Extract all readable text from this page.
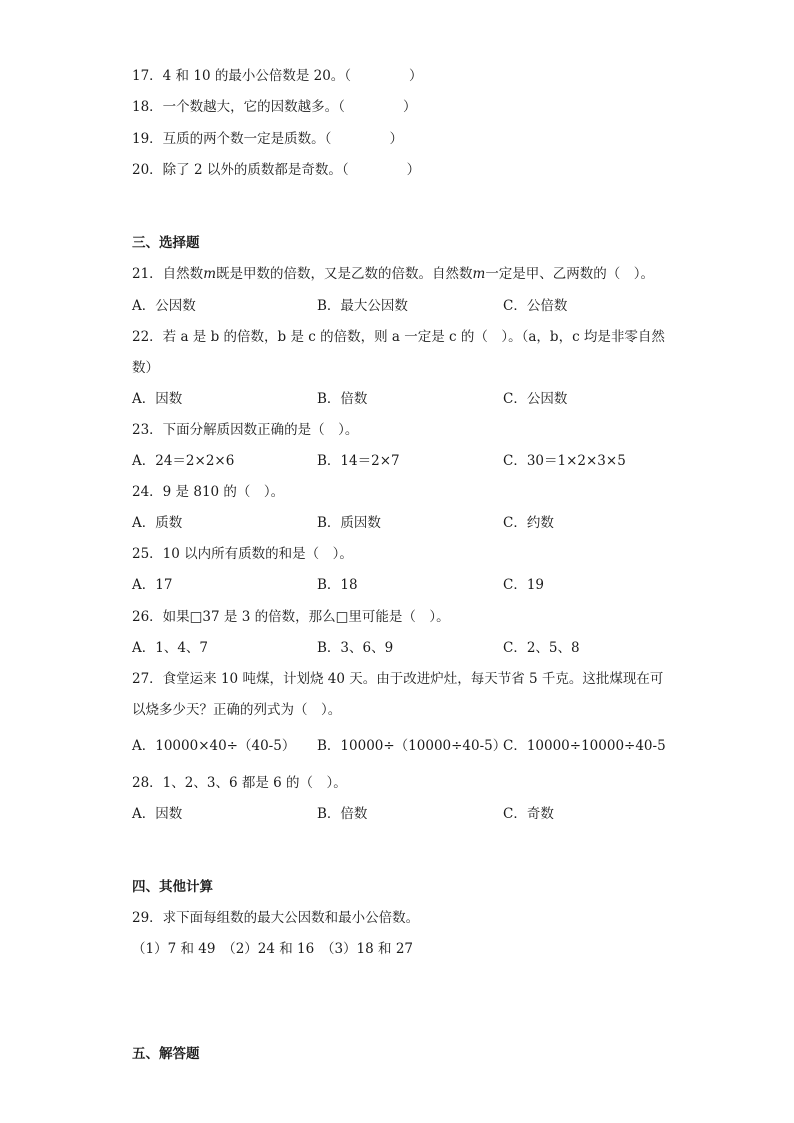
17．4 和 10 的最小公倍数是 20。（	）
18．一个数越大，它的因数越多。（	）
19．互质的两个数一定是质数。（	）
20．除了 2 以外的质数都是奇数。（	）
三、选择题
21．自然数m既是甲数的倍数，又是乙数的倍数。自然数m一定是甲、乙两数的（　）。
A．公因数	B．最大公因数	C．公倍数
22．若 a 是 b 的倍数，b 是 c 的倍数，则 a 一定是 c 的（　）。（a，b，c 均是非零自然
数）
A．因数	B．倍数	C．公因数
23．下面分解质因数正确的是（　）。
A．24＝2×2×6	B．14＝2×7	C．30＝1×2×3×5
24．9 是 810 的（　）。
A．质数	B．质因数	C．约数
25．10 以内所有质数的和是（　）。
A．17	B．18	C．19
26．如果□37 是 3 的倍数，那么□里可能是（　）。
A．1、4、7	B．3、6、9	C．2、5、8
27．食堂运来 10 吨煤，计划烧 40 天。由于改进炉灶，每天节省 5 千克。这批煤现在可
以烧多少天？正确的列式为（　）。
A．10000×40÷（40-5） B．10000÷（10000÷40-5）
C．10000÷10000÷40-5
28．1、2、3、6 都是 6 的（　）。
A．因数	B．倍数	C．奇数
四、其他计算
29．求下面每组数的最大公因数和最小公倍数。
（1）7 和 49　（2）24 和 16　（3）18 和 27
五、解答题
